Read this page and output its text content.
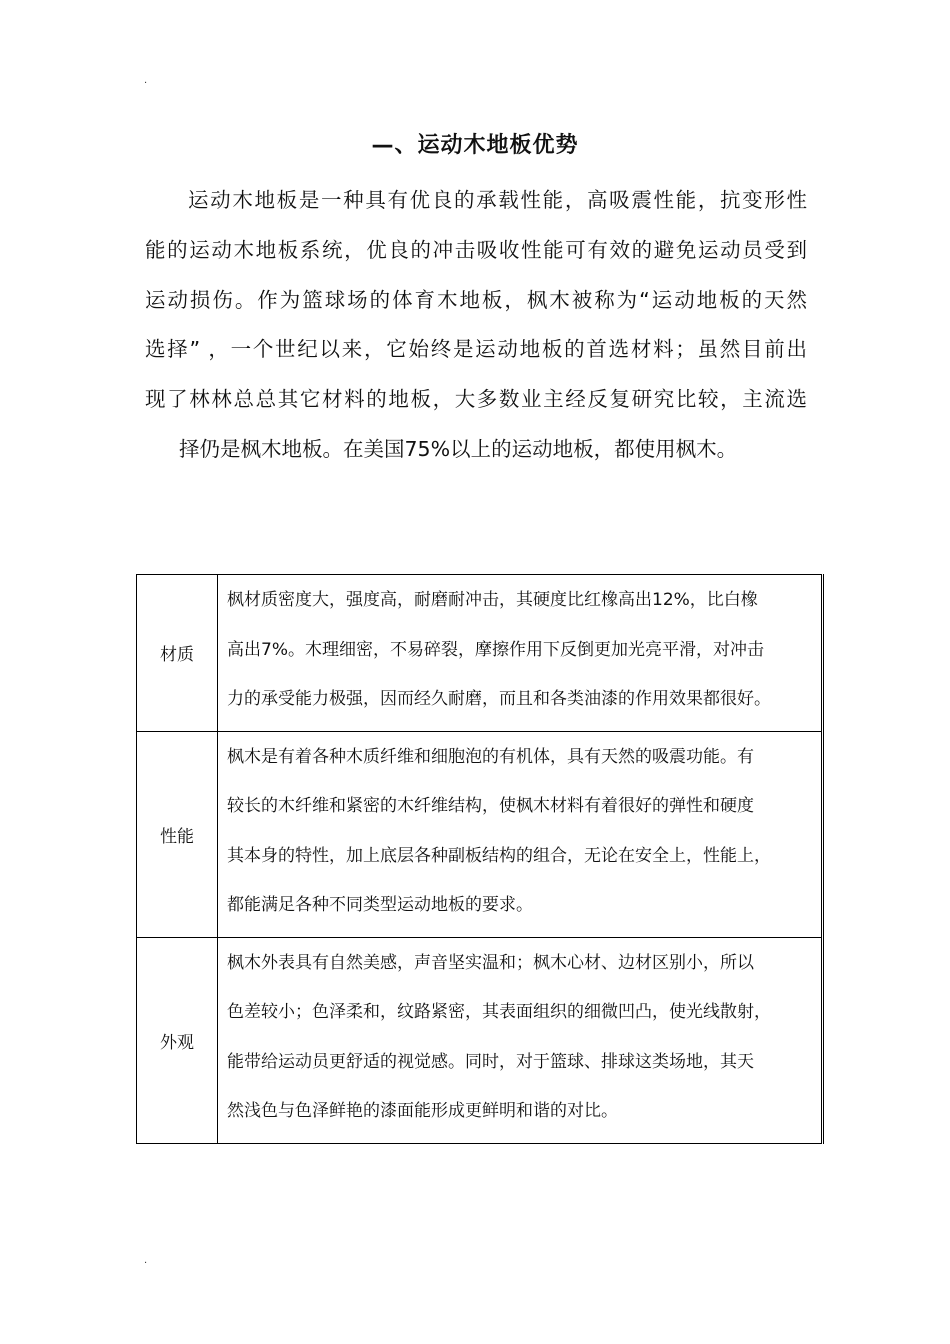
.
—、运动木地板优势
运动木地板是一种具有优良的承载性能，高吸震性能，抗变形性
能的运动木地板系统，优良的冲击吸收性能可有效的避免运动员受到
运动损伤。作为篮球场的体育木地板，枫木被称为“运动地板的天然
选择” ，一个世纪以来，它始终是运动地板的首选材料；虽然目前出
现了林林总总其它材料的地板，大多数业主经反复研究比较，主流选
择仍是枫木地板。在美国75%以上的运动地板，都使用枫木。
材质	枫材质密度大，强度高，耐磨耐冲击，其硬度比红橡高出12%，比白橡
高出7%。木理细密，不易碎裂，摩擦作用下反倒更加光亮平滑，对冲击
力的承受能力极强，因而经久耐磨，而且和各类油漆的作用效果都很好。

性能	枫木是有着各种木质纤维和细胞泡的有机体，具有天然的吸震功能。有
较长的木纤维和紧密的木纤维结构，使枫木材料有着很好的弹性和硬度
其本身的特性，加上底层各种副板结构的组合，无论在安全上，性能上，
都能满足各种不同类型运动地板的要求。

外观	枫木外表具有自然美感，声音坚实温和；枫木心材、边材区别小，所以
色差较小；色泽柔和，纹路紧密，其表面组织的细微凹凸，使光线散射，
能带给运动员更舒适的视觉感。同时，对于篮球、排球这类场地，其天
然浅色与色泽鲜艳的漆面能形成更鲜明和谐的对比。
.
